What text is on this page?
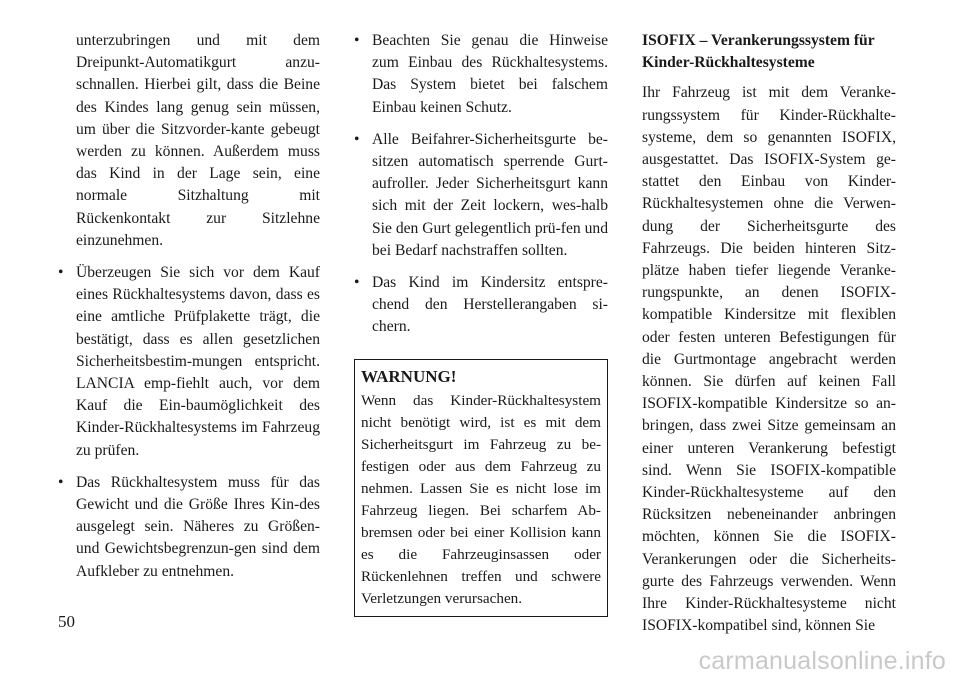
unterzubringen und mit dem Dreipunkt-Automatikgurt anzu-schnallen. Hierbei gilt, dass die Beine des Kindes lang genug sein müssen, um über die Sitzvorder-kante gebeugt werden zu können. Außerdem muss das Kind in der Lage sein, eine normale Sitzhaltung mit Rückenkontakt zur Sitzlehne einzunehmen.

• Überzeugen Sie sich vor dem Kauf eines Rückhaltesystems davon, dass es eine amtliche Prüfplakette trägt, die bestätigt, dass es allen gesetzlichen Sicherheitsbestim-mungen entspricht. LANCIA emp-fiehlt auch, vor dem Kauf die Ein-baumöglichkeit des Kinder-Rückhaltesystems im Fahrzeug zu prüfen.

• Das Rückhaltesystem muss für das Gewicht und die Größe Ihres Kin-des ausgelegt sein. Näheres zu Größen- und Gewichtsbegrenzun-gen sind dem Aufkleber zu entnehmen.

• Beachten Sie genau die Hinweise zum Einbau des Rückhaltesystems. Das System bietet bei falschem Einbau keinen Schutz.

• Alle Beifahrer-Sicherheitsgurte be-sitzen automatisch sperrende Gurt-aufroller. Jeder Sicherheitsgurt kann sich mit der Zeit lockern, wes-halb Sie den Gurt gelegentlich prü-fen und bei Bedarf nachstraffen sollten.

• Das Kind im Kindersitz entspre-chend den Herstellerangaben si-chern.

WARNUNG!
Wenn das Kinder-Rückhaltesystem nicht benötigt wird, ist es mit dem Sicherheitsgurt im Fahrzeug zu be-festigen oder aus dem Fahrzeug zu nehmen. Lassen Sie es nicht lose im Fahrzeug liegen. Bei scharfem Ab-bremsen oder bei einer Kollision kann es die Fahrzeuginsassen oder Rückenlehnen treffen und schwere Verletzungen verursachen.

ISOFIX – Verankerungssystem für Kinder-Rückhaltesysteme

Ihr Fahrzeug ist mit dem Veranke-rungssystem für Kinder-Rückhalte-systeme, dem so genannten ISOFIX, ausgestattet. Das ISOFIX-System ge-stattet den Einbau von Kinder-Rückhaltesystemen ohne die Verwen-dung der Sicherheitsgurte des Fahrzeugs. Die beiden hinteren Sitz-plätze haben tiefer liegende Veranke-rungspunkte, an denen ISOFIX-kompatible Kindersitze mit flexiblen oder festen unteren Befestigungen für die Gurtmontage angebracht werden können. Sie dürfen auf keinen Fall ISOFIX-kompatible Kindersitze so an-bringen, dass zwei Sitze gemeinsam an einer unteren Verankerung befestigt sind. Wenn Sie ISOFIX-kompatible Kinder-Rückhaltesysteme auf den Rücksitzen nebeneinander anbringen möchten, können Sie die ISOFIX-Verankerungen oder die Sicherheits-gurte des Fahrzeugs verwenden. Wenn Ihre Kinder-Rückhaltesysteme nicht ISOFIX-kompatibel sind, können Sie

50
carmanualsonline.info
